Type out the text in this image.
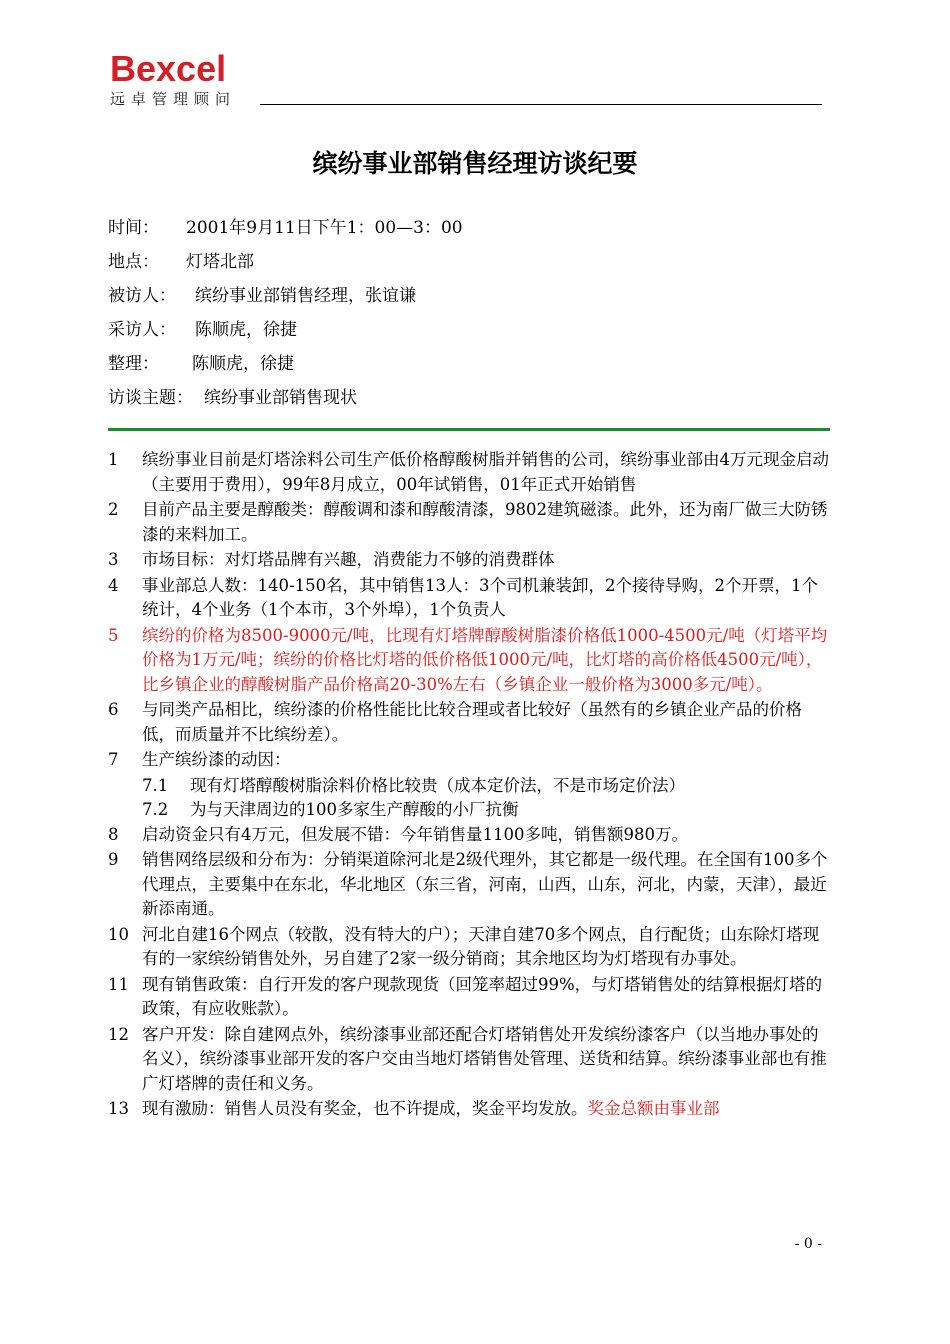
Bexcel
远卓管理顾问
缤纷事业部销售经理访谈纪要
时间： 2001年9月11日下午1：00—3：00
地点： 灯塔北部
被访人： 缤纷事业部销售经理，张谊谦
采访人： 陈顺虎，徐捷
整理： 陈顺虎，徐捷
访谈主题： 缤纷事业部销售现状
1 缤纷事业目前是灯塔涂料公司生产低价格醇酸树脂并销售的公司，缤纷事业部由4万元现金启动（主要用于费用），99年8月成立，00年试销售，01年正式开始销售
2 目前产品主要是醇酸类：醇酸调和漆和醇酸清漆，9802建筑磁漆。此外，还为南厂做三大防锈漆的来料加工。
3 市场目标：对灯塔品牌有兴趣，消费能力不够的消费群体
4 事业部总人数：140-150名，其中销售13人：3个司机兼装卸，2个接待导购，2个开票，1个统计，4个业务（1个本市，3个外埠），1个负责人
5 缤纷的价格为8500-9000元/吨，比现有灯塔牌醇酸树脂漆价格低1000-4500元/吨（灯塔平均价格为1万元/吨；缤纷的价格比灯塔的低价格低1000元/吨，比灯塔的高价格低4500元/吨），比乡镇企业的醇酸树脂产品价格高20-30%左右（乡镇企业一般价格为3000多元/吨）。
6 与同类产品相比，缤纷漆的价格性能比比较合理或者比较好（虽然有的乡镇企业产品的价格低，而质量并不比缤纷差）。
7 生产缤纷漆的动因：
7.1 现有灯塔醇酸树脂涂料价格比较贵（成本定价法，不是市场定价法）
7.2 为与天津周边的100多家生产醇酸的小厂抗衡
8 启动资金只有4万元，但发展不错：今年销售量1100多吨，销售额980万。
9 销售网络层级和分布为：分销渠道除河北是2级代理外，其它都是一级代理。在全国有100多个代理点，主要集中在东北，华北地区（东三省，河南，山西，山东，河北，内蒙，天津），最近新添南通。
10 河北自建16个网点（较散，没有特大的户）；天津自建70多个网点，自行配货；山东除灯塔现有的一家缤纷销售处外，另自建了2家一级分销商；其余地区均为灯塔现有办事处。
11 现有销售政策：自行开发的客户现款现货（回笼率超过99%，与灯塔销售处的结算根据灯塔的政策，有应收账款）。
12 客户开发：除自建网点外，缤纷漆事业部还配合灯塔销售处开发缤纷漆客户（以当地办事处的名义），缤纷漆事业部开发的客户交由当地灯塔销售处管理、送货和结算。缤纷漆事业部也有推广灯塔牌的责任和义务。
13 现有激励：销售人员没有奖金，也不许提成，奖金平均发放。奖金总额由事业部
- 0 -
